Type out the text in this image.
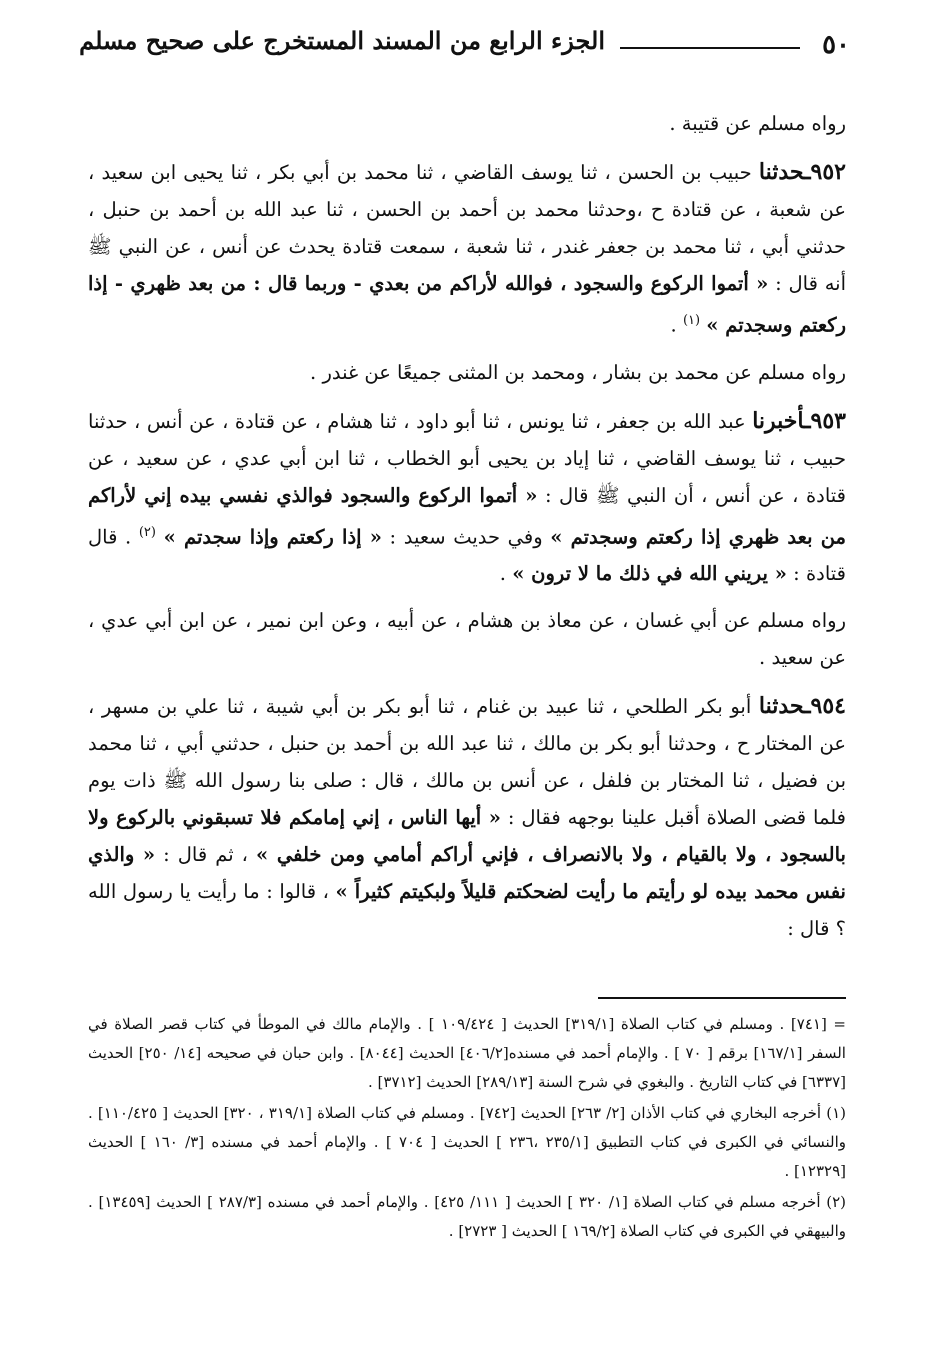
٥٠
الجزء الرابع من المسند المستخرج على صحيح مسلم

رواه مسلم عن قتيبة .

٩٥٢ـحدثنا حبيب بن الحسن ، ثنا يوسف القاضي ، ثنا محمد بن أبي بكر ، ثنا يحيى ابن سعيد ، عن شعبة ، عن قتادة ح ،وحدثنا محمد بن أحمد بن الحسن ، ثنا عبد الله بن أحمد بن حنبل ، حدثني أبي ، ثنا محمد بن جعفر غندر ، ثنا شعبة ، سمعت قتادة يحدث عن أنس ، عن النبي ﷺ أنه قال : « أتموا الركوع والسجود ، فوالله لأراكم من بعدي - وربما قال : من بعد ظهري - إذا ركعتم وسجدتم » $^{(١)}$ .

رواه مسلم عن محمد بن بشار ، ومحمد بن المثنى جميعًا عن غندر .

٩٥٣ـأخبرنا عبد الله بن جعفر ، ثنا يونس ، ثنا أبو داود ، ثنا هشام ، عن قتادة ، عن أنس ، حدثنا حبيب ، ثنا يوسف القاضي ، ثنا إياد بن يحيى أبو الخطاب ، ثنا ابن أبي عدي ، عن سعيد ، عن قتادة ، عن أنس ، أن النبي ﷺ قال : « أتموا الركوع والسجود فوالذي نفسي بيده إني لأراكم من بعد ظهري إذا ركعتم وسجدتم » وفي حديث سعيد : « إذا ركعتم وإذا سجدتم » $^{(٢)}$ . قال قتادة : « يريني الله في ذلك ما لا ترون » .

رواه مسلم عن أبي غسان ، عن معاذ بن هشام ، عن أبيه ، وعن ابن نمير ، عن ابن أبي عدي ، عن سعيد .

٩٥٤ـحدثنا أبو بكر الطلحي ، ثنا عبيد بن غنام ، ثنا أبو بكر بن أبي شيبة ، ثنا علي بن مسهر ، عن المختار ح ، وحدثنا أبو بكر بن مالك ، ثنا عبد الله بن أحمد بن حنبل ، حدثني أبي ، ثنا محمد بن فضيل ، ثنا المختار بن فلفل ، عن أنس بن مالك ، قال : صلى بنا رسول الله ﷺ ذات يوم فلما قضى الصلاة أقبل علينا بوجهه فقال : « أيها الناس ، إني إمامكم فلا تسبقوني بالركوع ولا بالسجود ، ولا بالقيام ، ولا بالانصراف ، فإني أراكم أمامي ومن خلفي » ، ثم قال : « والذي نفس محمد بيده لو رأيتم ما رأيت لضحكتم قليلاً ولبكيتم كثيراً » ، قالوا : ما رأيت يا رسول الله ؟ قال :

= [٧٤١] . ومسلم في كتاب الصلاة [٣١٩/١] الحديث [ ١٠٩/٤٢٤ ] . والإمام مالك في الموطأ في كتاب قصر الصلاة في السفر [١٦٧/١] برقم [ ٧٠ ] . والإمام أحمد في مسنده[٤٠٦/٢] الحديث [٨٠٤٤] . وابن حبان في صحيحه [١٤/ ٢٥٠] الحديث [٦٣٣٧] في كتاب التاريخ . والبغوي في شرح السنة [٢٨٩/١٣] الحديث [٣٧١٢] .

(١) أخرجه البخاري في كتاب الأذان [٢/ ٢٦٣] الحديث [٧٤٢] . ومسلم في كتاب الصلاة [٣١٩/١ ، ٣٢٠] الحديث [ ١١٠/٤٢٥] . والنسائي في الكبرى في كتاب التطبيق [٢٣٥/١ ،٢٣٦ ] الحديث [ ٧٠٤ ] . والإمام أحمد في مسنده [٣/ ١٦٠ ] الحديث [١٢٣٢٩] .

(٢) أخرجه مسلم في كتاب الصلاة [١/ ٣٢٠ ] الحديث [ ١١١/ ٤٢٥] . والإمام أحمد في مسنده [٢٨٧/٣ ] الحديث [١٣٤٥٩] . والبيهقي في الكبرى في كتاب الصلاة [١٦٩/٢ ] الحديث [ ٢٧٢٣] .
